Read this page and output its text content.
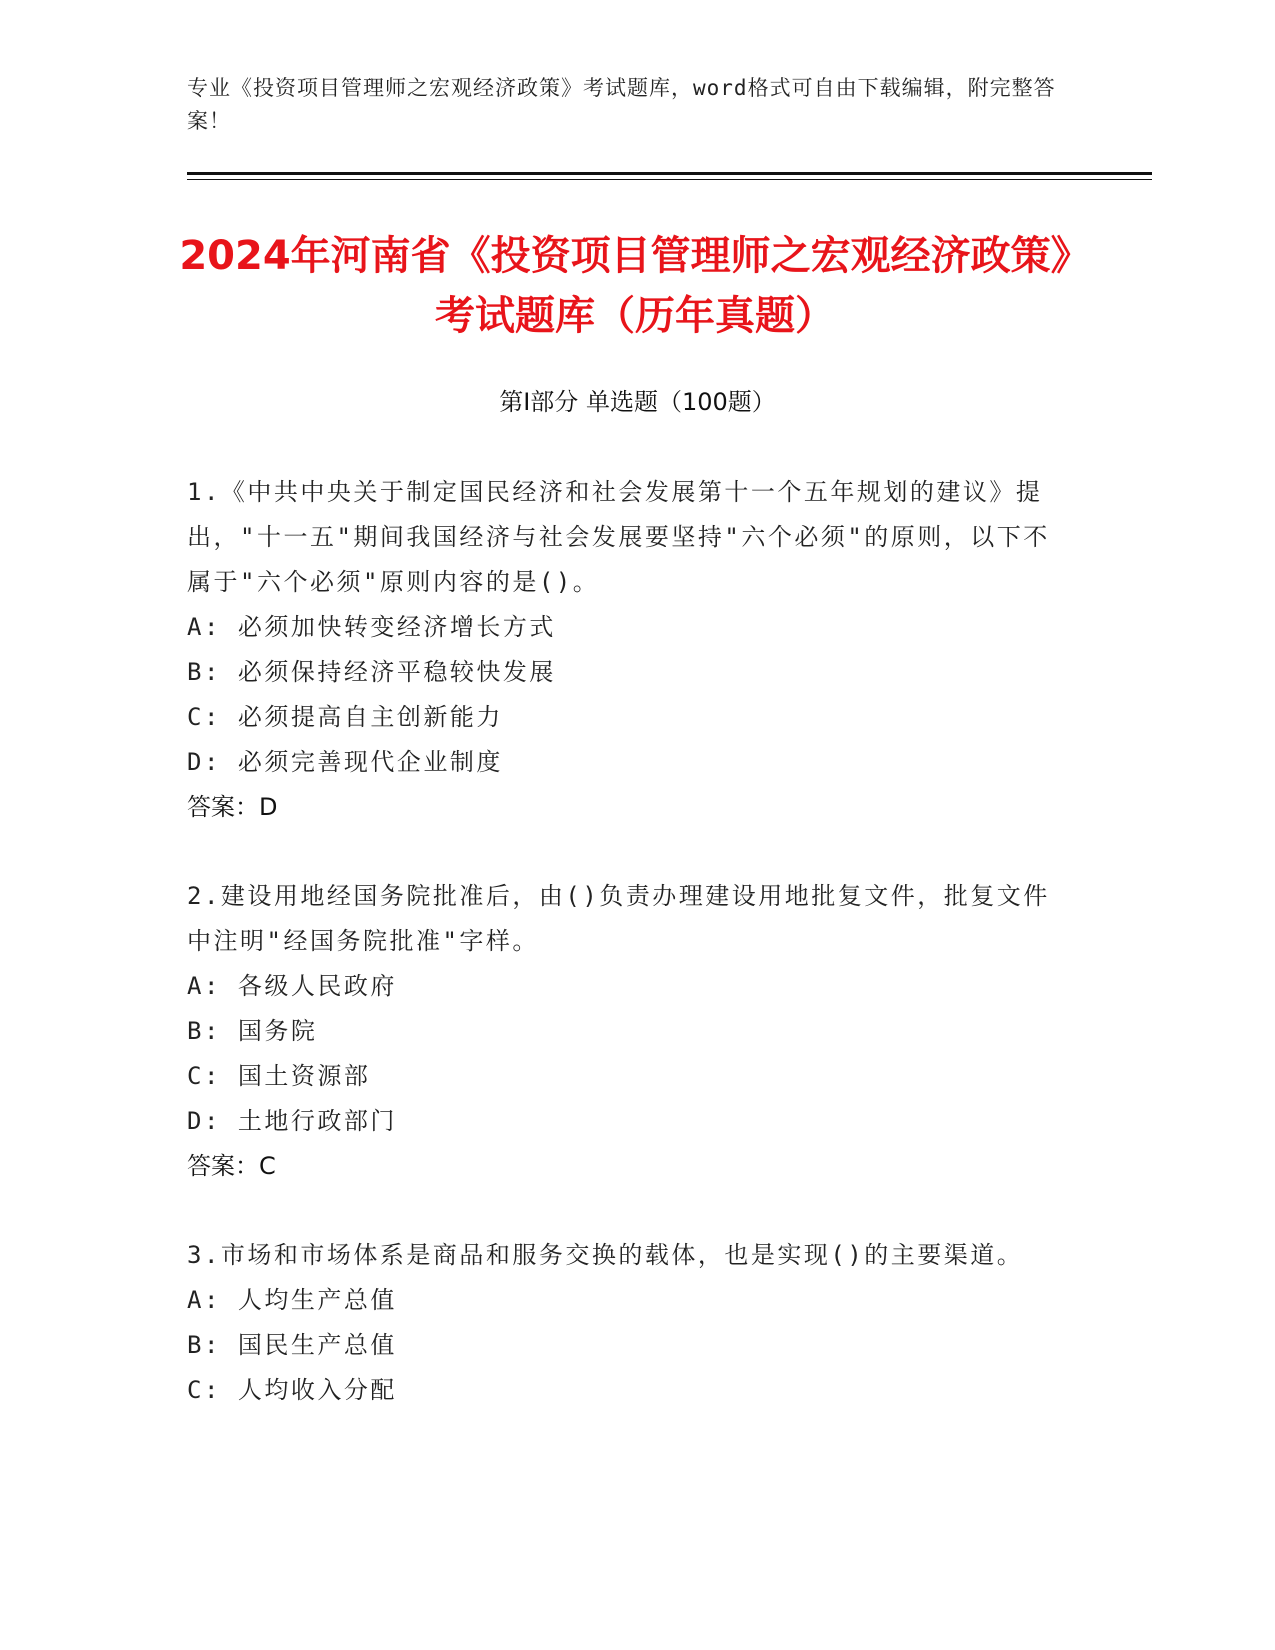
专业《投资项目管理师之宏观经济政策》考试题库，word格式可自由下载编辑，附完整答案！
2024年河南省《投资项目管理师之宏观经济政策》考试题库（历年真题）
第I部分 单选题（100题）
1.《中共中央关于制定国民经济和社会发展第十一个五年规划的建议》提出，"十一五"期间我国经济与社会发展要坚持"六个必须"的原则，以下不属于"六个必须"原则内容的是()。
A: 必须加快转变经济增长方式
B: 必须保持经济平稳较快发展
C: 必须提高自主创新能力
D: 必须完善现代企业制度
答案：D
2.建设用地经国务院批准后，由()负责办理建设用地批复文件，批复文件中注明"经国务院批准"字样。
A: 各级人民政府
B: 国务院
C: 国土资源部
D: 土地行政部门
答案：C
3.市场和市场体系是商品和服务交换的载体，也是实现()的主要渠道。
A: 人均生产总值
B: 国民生产总值
C: 人均收入分配
